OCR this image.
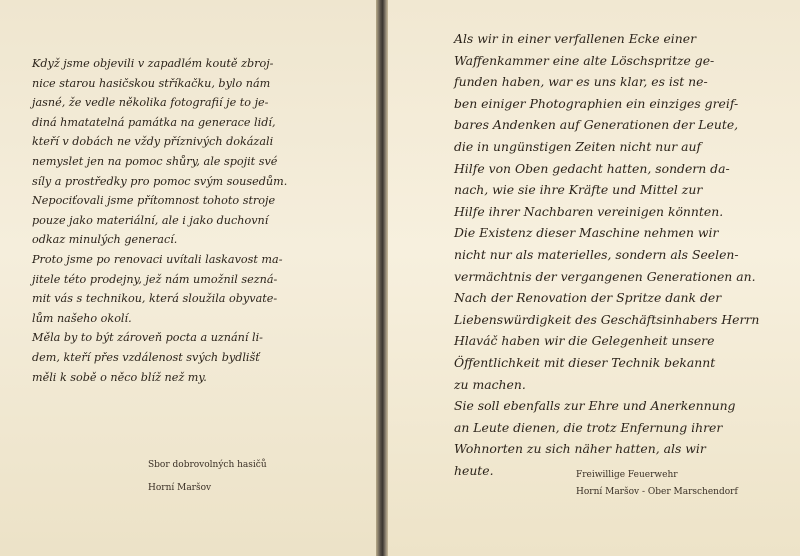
Když jsme objevili v zapadlém koutě zbroj-
nice starou hasičskou stříkačku, bylo nám
jasné, že vedle několika fotografií je to je-
diná hmatatelná památka na generace lidí,
kteří v dobách ne vždy příznivých dokázali
nemyslet jen na pomoc shůry, ale spojit své
síly a prostředky pro pomoc svým sousedům.
Nepociťovali jsme přítomnost tohoto stroje
pouze jako materiální, ale i jako duchovní
odkaz minulých generací.
Proto jsme po renovaci uvítali laskavost ma-
jitele této prodejny, jež nám umožnil sezná-
mit vás s technikou, která sloužila obyvate-
lům našeho okolí.
Měla by to být zároveň pocta a uznání li-
dem, kteří přes vzdálenost svých bydlišť
měli k sobě o něco blíž než my.
Als wir in einer verfallenen Ecke einer
Waffenkammer eine alte Löschspritze ge-
funden haben, war es uns klar, es ist ne-
ben einiger Photographien ein einziges greif-
bares Andenken auf Generationen der Leute,
die in ungünstigen Zeiten nicht nur auf
Hilfe von Oben gedacht hatten, sondern da-
nach, wie sie ihre Kräfte und Mittel zur
Hilfe ihrer Nachbaren vereinigen könnten.
Die Existenz dieser Maschine nehmen wir
nicht nur als materielles, sondern als Seelen-
vermächtnis der vergangenen Generationen an.
Nach der Renovation der Spritze dank der
Liebenswürdigkeit des Geschäftsinhabers Herrn
Hlaváč haben wir die Gelegenheit unsere
Öffentlichkeit mit dieser Technik bekannt
zu machen.
Sie soll ebenfalls zur Ehre und Anerkennung
an Leute dienen, die trotz Enfernung ihrer
Wohnorten zu sich näher hatten, als wir
heute.
Sbor dobrovolných hasičů
Horní Maršov
Freiwillige Feuerwehr
Horní Maršov - Ober Marschendorf
